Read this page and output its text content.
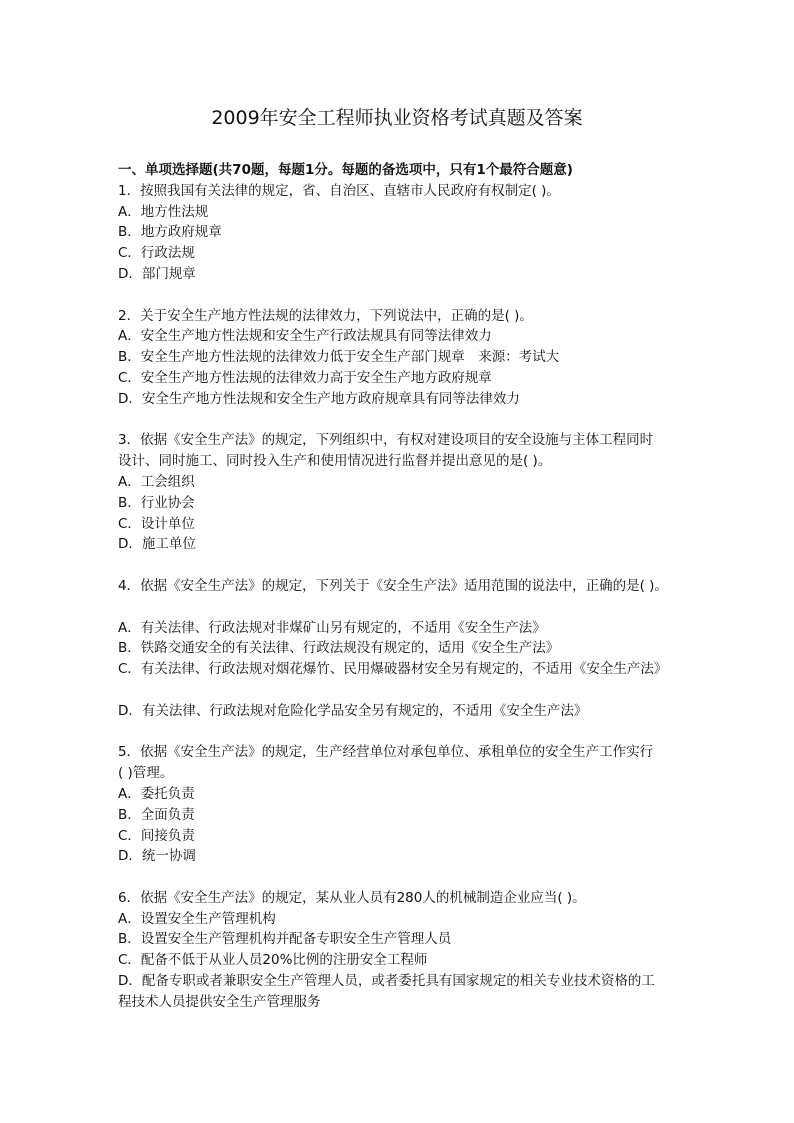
2009年安全工程师执业资格考试真题及答案
一、单项选择题(共70题，每题1分。每题的备选项中，只有1个最符合题意)
1．按照我国有关法律的规定，省、自治区、直辖市人民政府有权制定( )。
A．地方性法规
B．地方政府规章
C．行政法规
D．部门规章
2．关于安全生产地方性法规的法律效力，下列说法中，正确的是( )。
A．安全生产地方性法规和安全生产行政法规具有同等法律效力
B．安全生产地方性法规的法律效力低于安全生产部门规章　来源：考试大
C．安全生产地方性法规的法律效力高于安全生产地方政府规章
D．安全生产地方性法规和安全生产地方政府规章具有同等法律效力
3．依据《安全生产法》的规定，下列组织中，有权对建设项目的安全设施与主体工程同时
设计、同时施工、同时投入生产和使用情况进行监督并提出意见的是( )。
A．工会组织
B．行业协会
C．设计单位
D．施工单位
4．依据《安全生产法》的规定，下列关于《安全生产法》适用范围的说法中，正确的是( )。
A．有关法律、行政法规对非煤矿山另有规定的，不适用《安全生产法》
B．铁路交通安全的有关法律、行政法规没有规定的，适用《安全生产法》
C．有关法律、行政法规对烟花爆竹、民用爆破器材安全另有规定的，不适用《安全生产法》
D．有关法律、行政法规对危险化学品安全另有规定的，不适用《安全生产法》
5．依据《安全生产法》的规定，生产经营单位对承包单位、承租单位的安全生产工作实行
( )管理。
A．委托负责
B．全面负责
C．间接负责
D．统一协调
6．依据《安全生产法》的规定，某从业人员有280人的机械制造企业应当( )。
A．设置安全生产管理机构
B．设置安全生产管理机构并配备专职安全生产管理人员
C．配备不低于从业人员20%比例的注册安全工程师
D．配备专职或者兼职安全生产管理人员，或者委托具有国家规定的相关专业技术资格的工
程技术人员提供安全生产管理服务
